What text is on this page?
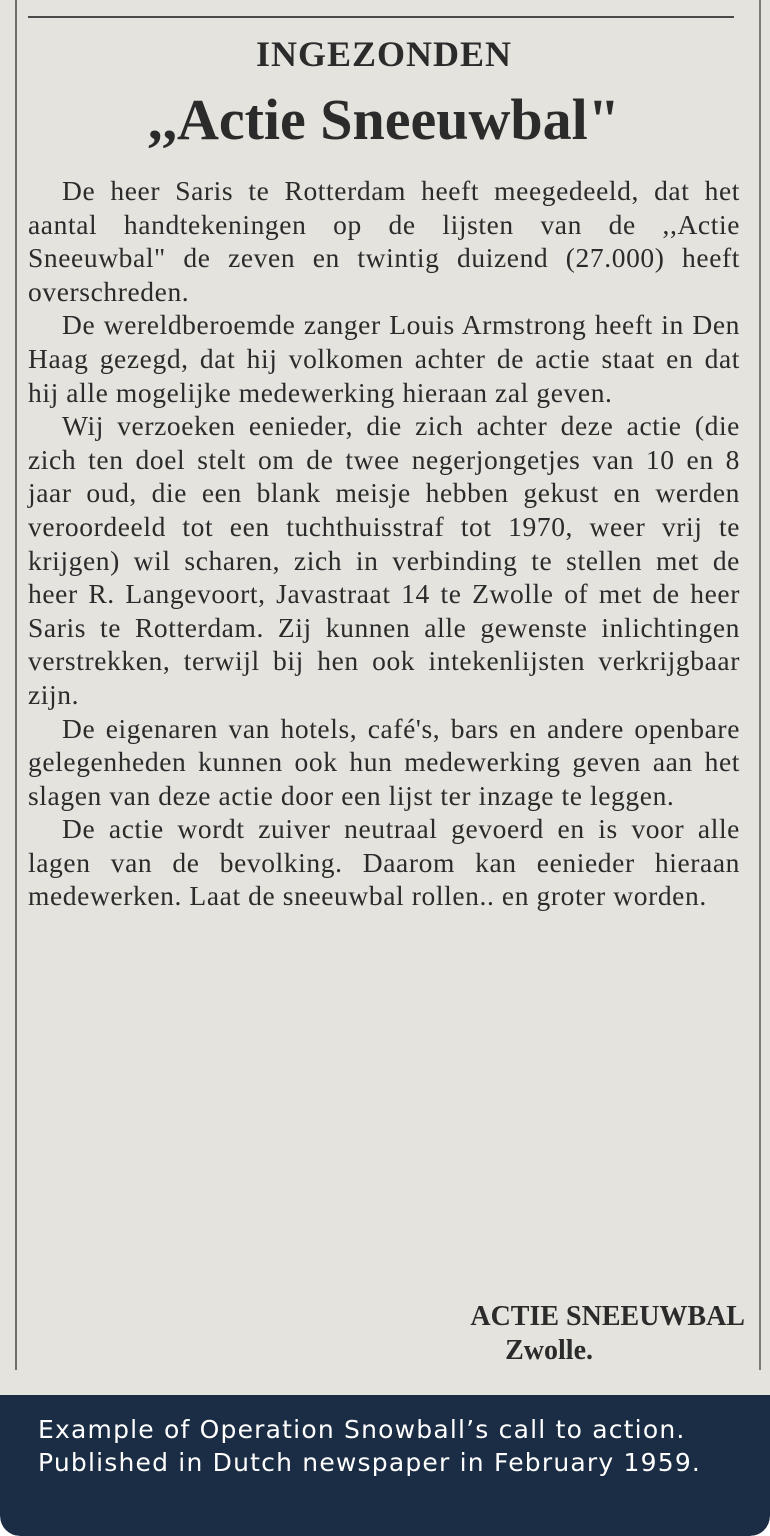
INGEZONDEN
,,Actie Sneeuwbal"

De heer Saris te Rotterdam heeft meegedeeld, dat het aantal handtekeningen op de lijsten van de ,,Actie Sneeuwbal" de zeven en twintig duizend (27.000) heeft overschreden.

De wereldberoemde zanger Louis Armstrong heeft in Den Haag gezegd, dat hij volkomen achter de actie staat en dat hij alle mogelijke medewerking hieraan zal geven.

Wij verzoeken eenieder, die zich achter deze actie (die zich ten doel stelt om de twee negerjongetjes van 10 en 8 jaar oud, die een blank meisje hebben gekust en werden veroordeeld tot een tuchthuisstraf tot 1970, weer vrij te krijgen) wil scharen, zich in verbinding te stellen met de heer R. Langevoort, Javastraat 14 te Zwolle of met de heer Saris te Rotterdam. Zij kunnen alle gewenste inlichtingen verstrekken, terwijl bij hen ook intekenlijsten verkrijgbaar zijn.

De eigenaren van hotels, café's, bars en andere openbare gelegenheden kunnen ook hun medewerking geven aan het slagen van deze actie door een lijst ter inzage te leggen.

De actie wordt zuiver neutraal gevoerd en is voor alle lagen van de bevolking. Daarom kan eenieder hieraan medewerken. Laat de sneeuwbal rollen.. en groter worden.

ACTIE SNEEUWBAL
Zwolle.
Example of Operation Snowball’s call to action. Published in Dutch newspaper in February 1959.
